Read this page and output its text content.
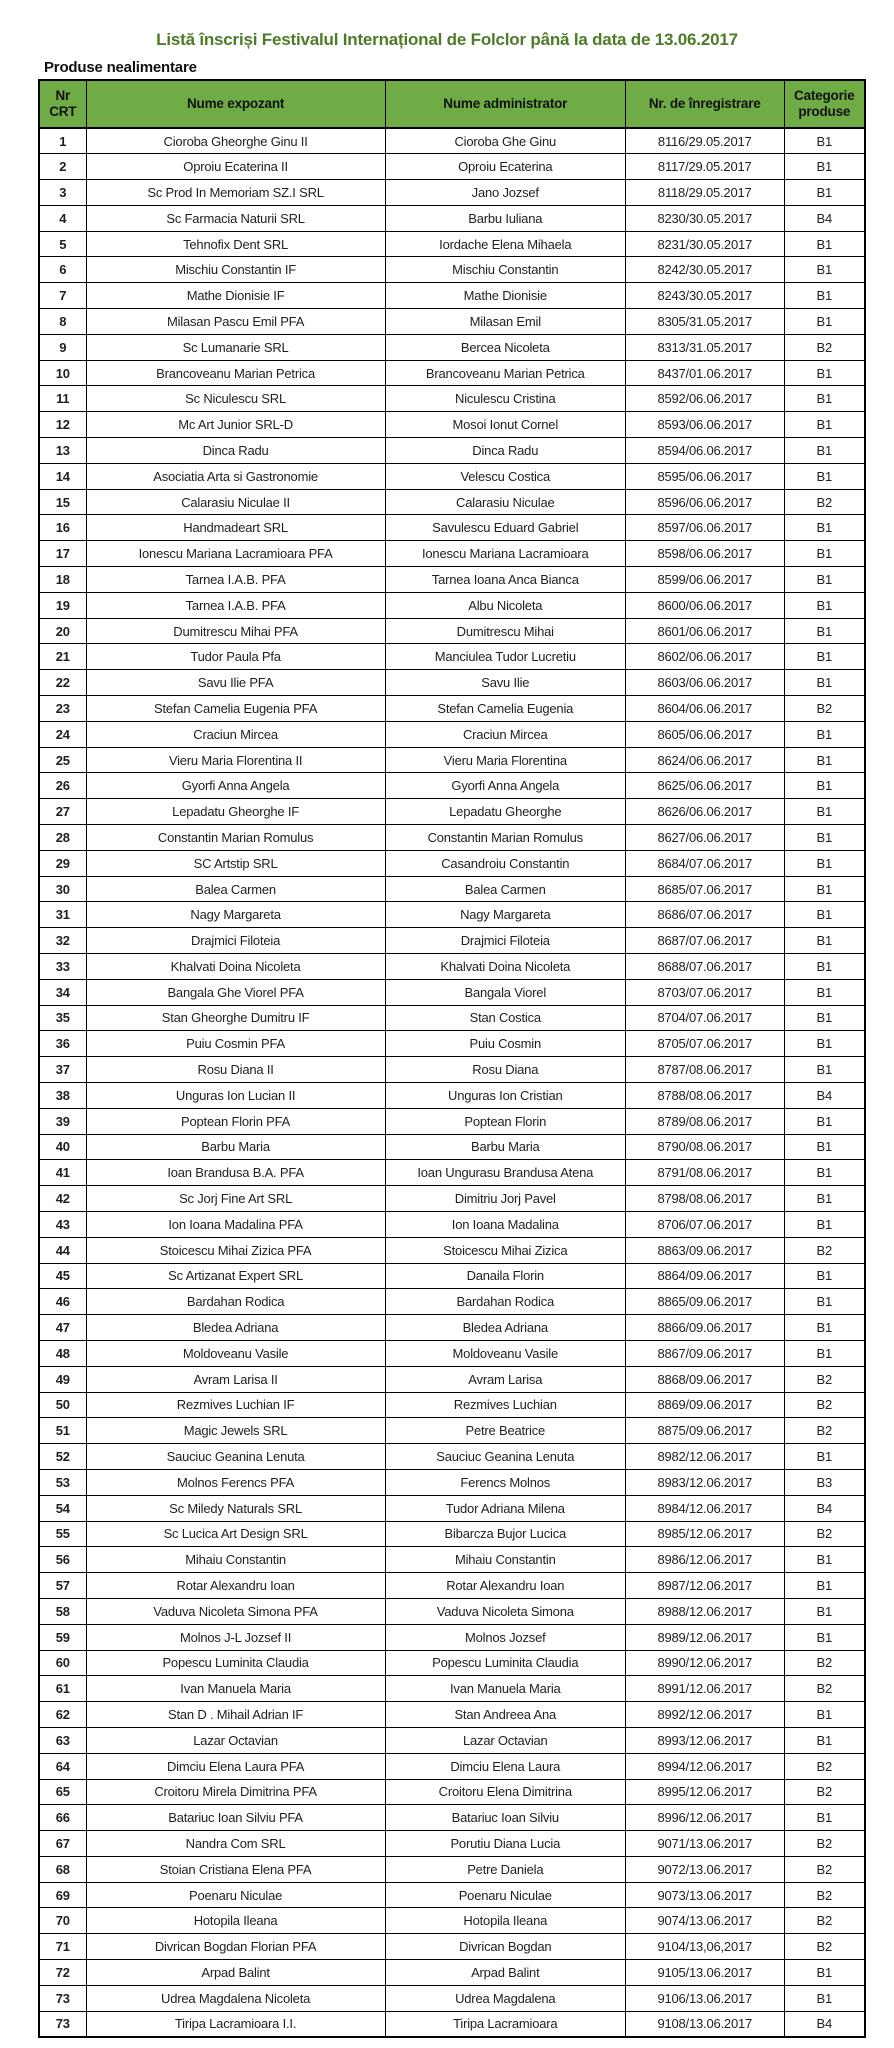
Listă înscriși Festivalul Internațional de Folclor până la data de 13.06.2017
Produse nealimentare
Nr CRT	Nume expozant	Nume administrator	Nr. de înregistrare	Categorie produse
1	Cioroba Gheorghe Ginu II	Cioroba Ghe Ginu	8116/29.05.2017	B1
2	Oproiu Ecaterina II	Oproiu Ecaterina	8117/29.05.2017	B1
3	Sc Prod In Memoriam SZ.I SRL	Jano Jozsef	8118/29.05.2017	B1
4	Sc Farmacia Naturii SRL	Barbu Iuliana	8230/30.05.2017	B4
5	Tehnofix Dent SRL	Iordache Elena Mihaela	8231/30.05.2017	B1
6	Mischiu Constantin IF	Mischiu Constantin	8242/30.05.2017	B1
7	Mathe Dionisie IF	Mathe Dionisie	8243/30.05.2017	B1
8	Milasan Pascu Emil PFA	Milasan Emil	8305/31.05.2017	B1
9	Sc Lumanarie SRL	Bercea Nicoleta	8313/31.05.2017	B2
10	Brancoveanu Marian Petrica	Brancoveanu Marian Petrica	8437/01.06.2017	B1
11	Sc Niculescu SRL	Niculescu Cristina	8592/06.06.2017	B1
12	Mc Art Junior SRL-D	Mosoi Ionut Cornel	8593/06.06.2017	B1
13	Dinca Radu	Dinca Radu	8594/06.06.2017	B1
14	Asociatia Arta si Gastronomie	Velescu Costica	8595/06.06.2017	B1
15	Calarasiu Niculae II	Calarasiu Niculae	8596/06.06.2017	B2
16	Handmadeart SRL	Savulescu Eduard Gabriel	8597/06.06.2017	B1
17	Ionescu Mariana Lacramioara PFA	Ionescu Mariana Lacramioara	8598/06.06.2017	B1
18	Tarnea I.A.B. PFA	Tarnea Ioana Anca Bianca	8599/06.06.2017	B1
19	Tarnea I.A.B. PFA	Albu Nicoleta	8600/06.06.2017	B1
20	Dumitrescu Mihai PFA	Dumitrescu Mihai	8601/06.06.2017	B1
21	Tudor Paula Pfa	Manciulea Tudor Lucretiu	8602/06.06.2017	B1
22	Savu Ilie PFA	Savu Ilie	8603/06.06.2017	B1
23	Stefan Camelia Eugenia PFA	Stefan Camelia Eugenia	8604/06.06.2017	B2
24	Craciun Mircea	Craciun Mircea	8605/06.06.2017	B1
25	Vieru Maria Florentina II	Vieru Maria Florentina	8624/06.06.2017	B1
26	Gyorfi Anna Angela	Gyorfi Anna Angela	8625/06.06.2017	B1
27	Lepadatu Gheorghe IF	Lepadatu Gheorghe	8626/06.06.2017	B1
28	Constantin Marian Romulus	Constantin Marian Romulus	8627/06.06.2017	B1
29	SC Artstip SRL	Casandroiu Constantin	8684/07.06.2017	B1
30	Balea Carmen	Balea Carmen	8685/07.06.2017	B1
31	Nagy Margareta	Nagy Margareta	8686/07.06.2017	B1
32	Drajmici Filoteia	Drajmici Filoteia	8687/07.06.2017	B1
33	Khalvati Doina Nicoleta	Khalvati Doina Nicoleta	8688/07.06.2017	B1
34	Bangala Ghe Viorel PFA	Bangala Viorel	8703/07.06.2017	B1
35	Stan Gheorghe Dumitru IF	Stan Costica	8704/07.06.2017	B1
36	Puiu Cosmin PFA	Puiu Cosmin	8705/07.06.2017	B1
37	Rosu Diana II	Rosu Diana	8787/08.06.2017	B1
38	Unguras Ion Lucian II	Unguras Ion Cristian	8788/08.06.2017	B4
39	Poptean Florin PFA	Poptean Florin	8789/08.06.2017	B1
40	Barbu Maria	Barbu Maria	8790/08.06.2017	B1
41	Ioan Brandusa B.A. PFA	Ioan Ungurasu Brandusa Atena	8791/08.06.2017	B1
42	Sc Jorj Fine Art SRL	Dimitriu Jorj Pavel	8798/08.06.2017	B1
43	Ion Ioana Madalina PFA	Ion Ioana Madalina	8706/07.06.2017	B1
44	Stoicescu Mihai Zizica PFA	Stoicescu Mihai Zizica	8863/09.06.2017	B2
45	Sc Artizanat Expert SRL	Danaila Florin	8864/09.06.2017	B1
46	Bardahan Rodica	Bardahan Rodica	8865/09.06.2017	B1
47	Bledea Adriana	Bledea Adriana	8866/09.06.2017	B1
48	Moldoveanu Vasile	Moldoveanu Vasile	8867/09.06.2017	B1
49	Avram Larisa II	Avram Larisa	8868/09.06.2017	B2
50	Rezmives Luchian IF	Rezmives Luchian	8869/09.06.2017	B2
51	Magic Jewels SRL	Petre Beatrice	8875/09.06.2017	B2
52	Sauciuc Geanina Lenuta	Sauciuc Geanina Lenuta	8982/12.06.2017	B1
53	Molnos Ferencs PFA	Ferencs Molnos	8983/12.06.2017	B3
54	Sc Miledy Naturals SRL	Tudor Adriana Milena	8984/12.06.2017	B4
55	Sc Lucica Art Design SRL	Bibarcza Bujor Lucica	8985/12.06.2017	B2
56	Mihaiu Constantin	Mihaiu Constantin	8986/12.06.2017	B1
57	Rotar Alexandru Ioan	Rotar Alexandru Ioan	8987/12.06.2017	B1
58	Vaduva Nicoleta Simona PFA	Vaduva Nicoleta Simona	8988/12.06.2017	B1
59	Molnos J-L Jozsef II	Molnos Jozsef	8989/12.06.2017	B1
60	Popescu Luminita Claudia	Popescu Luminita Claudia	8990/12.06.2017	B2
61	Ivan Manuela Maria	Ivan Manuela Maria	8991/12.06.2017	B2
62	Stan D . Mihail Adrian IF	Stan Andreea Ana	8992/12.06.2017	B1
63	Lazar Octavian	Lazar Octavian	8993/12.06.2017	B1
64	Dimciu Elena Laura PFA	Dimciu Elena Laura	8994/12.06.2017	B2
65	Croitoru Mirela Dimitrina PFA	Croitoru Elena Dimitrina	8995/12.06.2017	B2
66	Batariuc Ioan Silviu PFA	Batariuc Ioan Silviu	8996/12.06.2017	B1
67	Nandra Com SRL	Porutiu Diana Lucia	9071/13.06.2017	B2
68	Stoian Cristiana Elena PFA	Petre Daniela	9072/13.06.2017	B2
69	Poenaru Niculae	Poenaru Niculae	9073/13.06.2017	B2
70	Hotopila Ileana	Hotopila Ileana	9074/13.06.2017	B2
71	Divrican Bogdan Florian PFA	Divrican Bogdan	9104/13,06,2017	B2
72	Arpad Balint	Arpad Balint	9105/13.06.2017	B1
73	Udrea Magdalena Nicoleta	Udrea Magdalena	9106/13.06.2017	B1
73	Tiripa Lacramioara I.I.	Tiripa Lacramioara	9108/13.06.2017	B4
